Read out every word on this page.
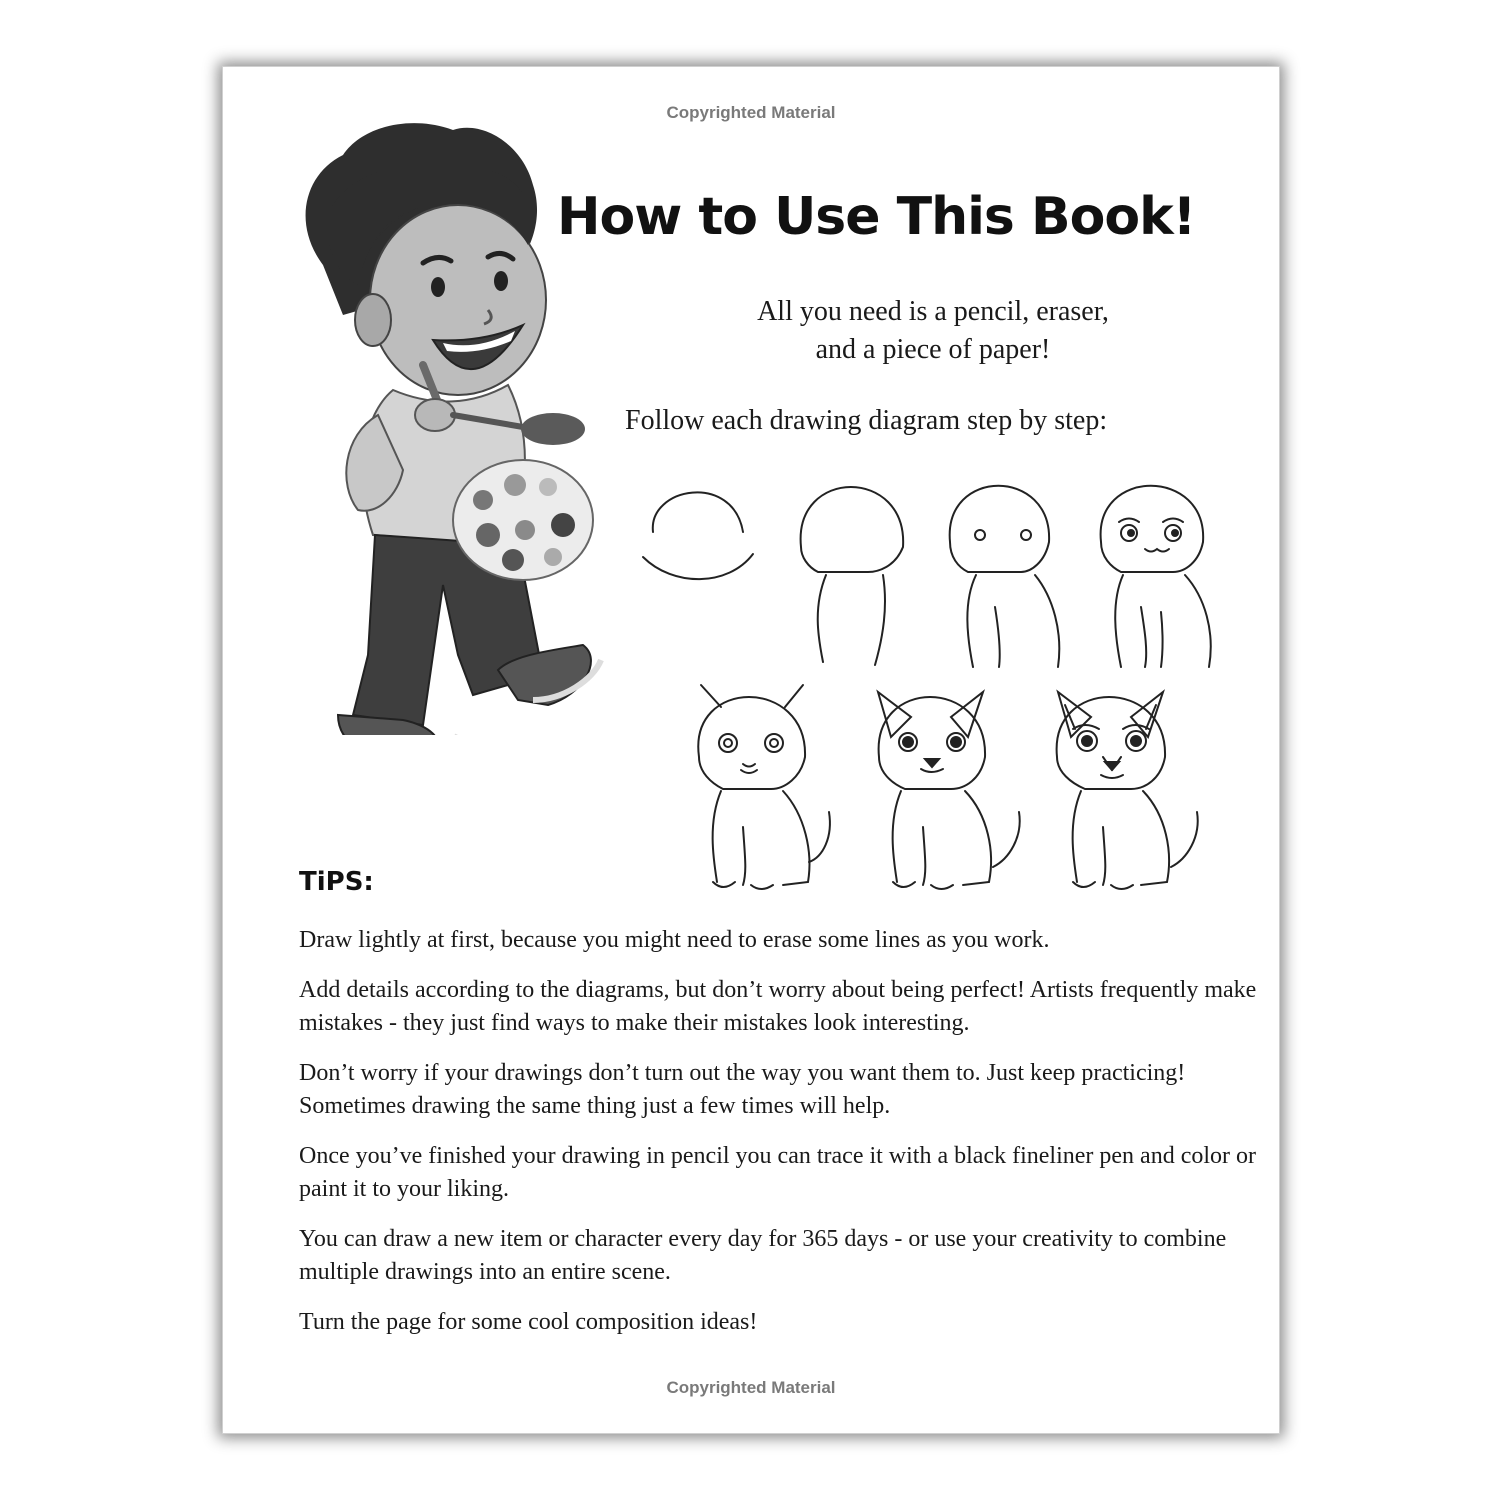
Copyrighted Material

How to Use This Book!

All you need is a pencil, eraser,
and a piece of paper!

Follow each drawing diagram step by step:

TiPS:
Draw lightly at first, because you might need to erase some lines as you work.
Add details according to the diagrams, but don’t worry about being perfect! Artists frequently make mistakes - they just find ways to make their mistakes look interesting.
Don’t worry if your drawings don’t turn out the way you want them to. Just keep practicing! Sometimes drawing the same thing just a few times will help.
Once you’ve finished your drawing in pencil you can trace it with a black fineliner pen and color or paint it to your liking.
You can draw a new item or character every day for 365 days - or use your creativity to combine multiple drawings into an entire scene.
Turn the page for some cool composition ideas!

Copyrighted Material
